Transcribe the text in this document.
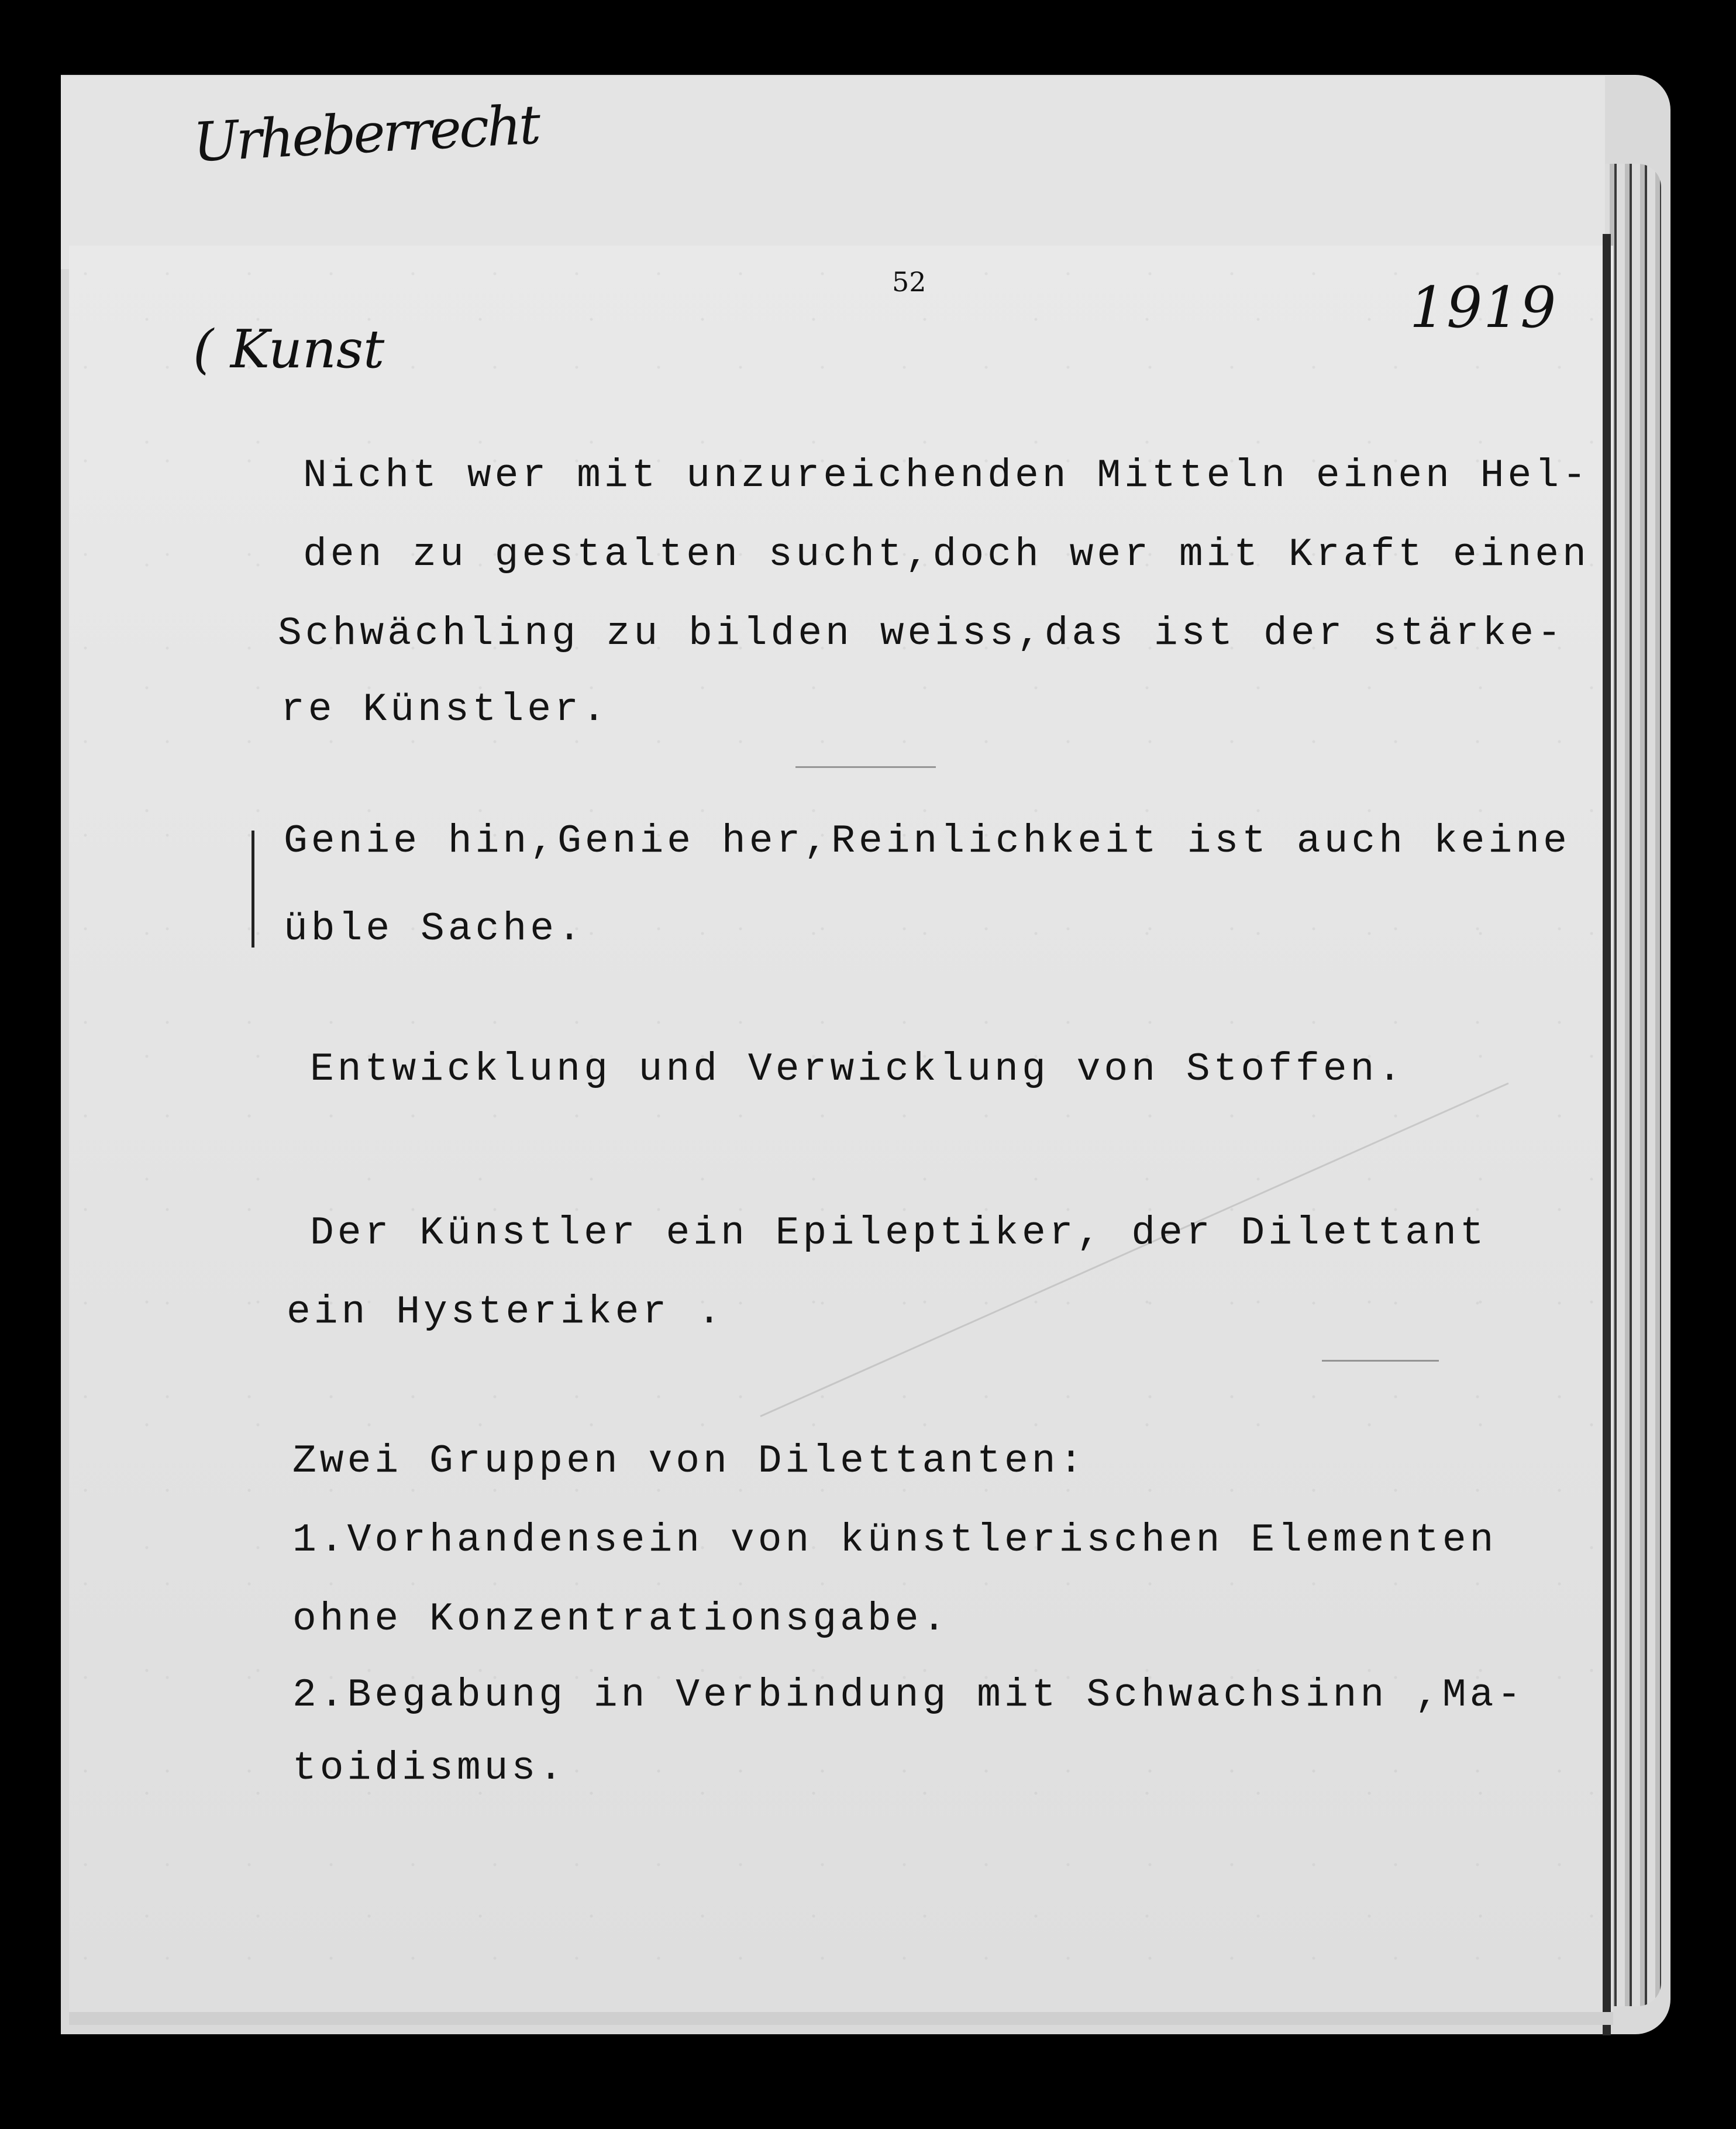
Urheberrecht
( Kunst
52	1919
Nicht wer mit unzureichenden Mitteln einen Hel-
den zu gestalten sucht,doch wer mit Kraft einen
Schwächling zu bilden weiss,das ist der stärke-
re Künstler.
Genie hin,Genie her,Reinlichkeit ist auch keine
üble Sache.
Entwicklung und Verwicklung von Stoffen.
Der Künstler ein Epileptiker, der Dilettant
ein Hysteriker .
Zwei Gruppen von Dilettanten:
1.Vorhandensein von künstlerischen Elementen
ohne Konzentrationsgabe.
2.Begabung in Verbindung mit Schwachsinn ,Ma-
toidismus.
